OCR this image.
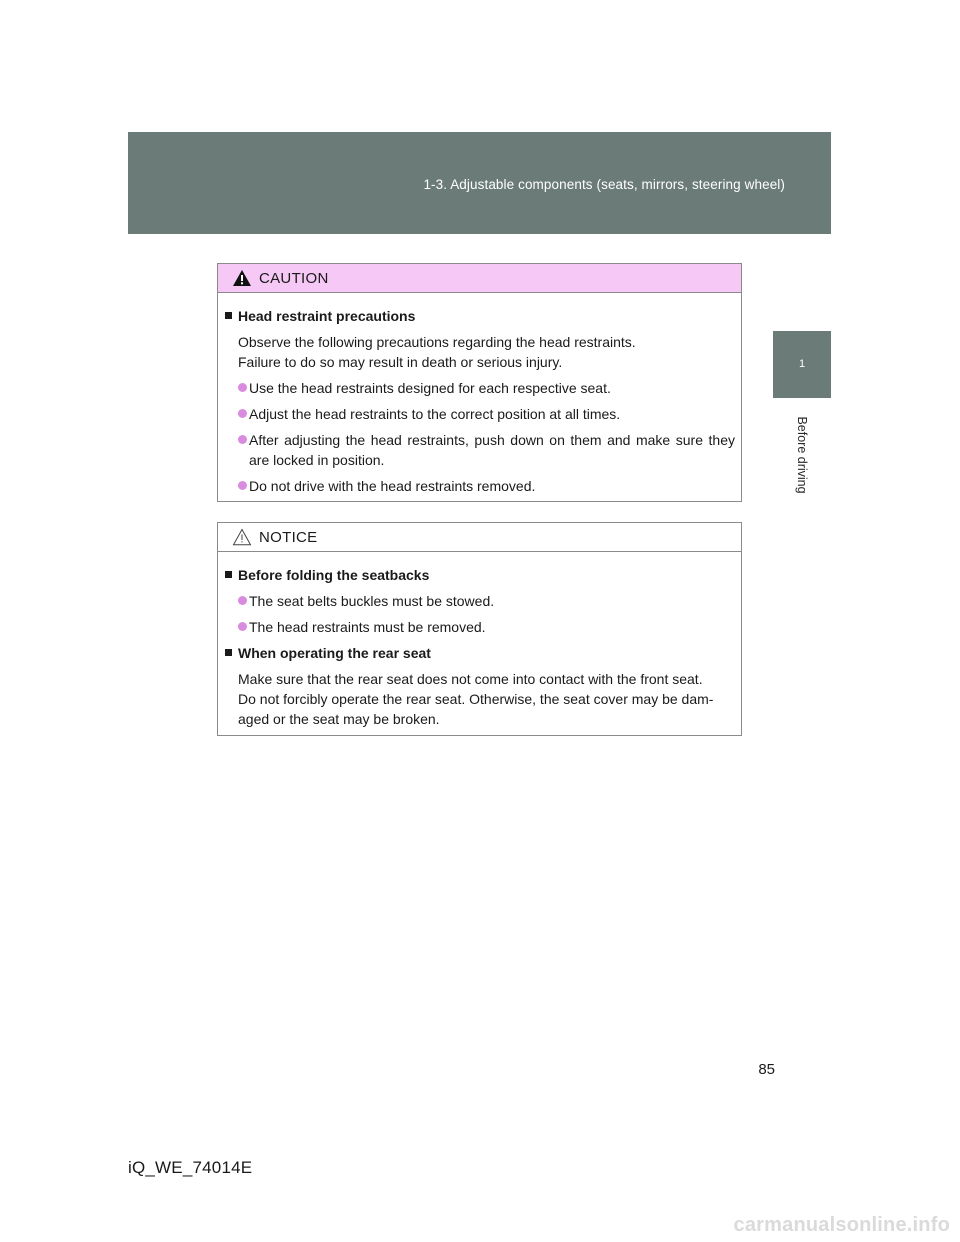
1-3. Adjustable components (seats, mirrors, steering wheel)
1
Before driving
CAUTION
Head restraint precautions
Observe the following precautions regarding the head restraints.
Failure to do so may result in death or serious injury.
Use the head restraints designed for each respective seat.
Adjust the head restraints to the correct position at all times.
After adjusting the head restraints, push down on them and make sure they are locked in position.
Do not drive with the head restraints removed.
NOTICE
Before folding the seatbacks
The seat belts buckles must be stowed.
The head restraints must be removed.
When operating the rear seat
Make sure that the rear seat does not come into contact with the front seat.
Do not forcibly operate the rear seat. Otherwise, the seat cover may be dam-
aged or the seat may be broken.
85
iQ_WE_74014E
carmanualsonline.info
